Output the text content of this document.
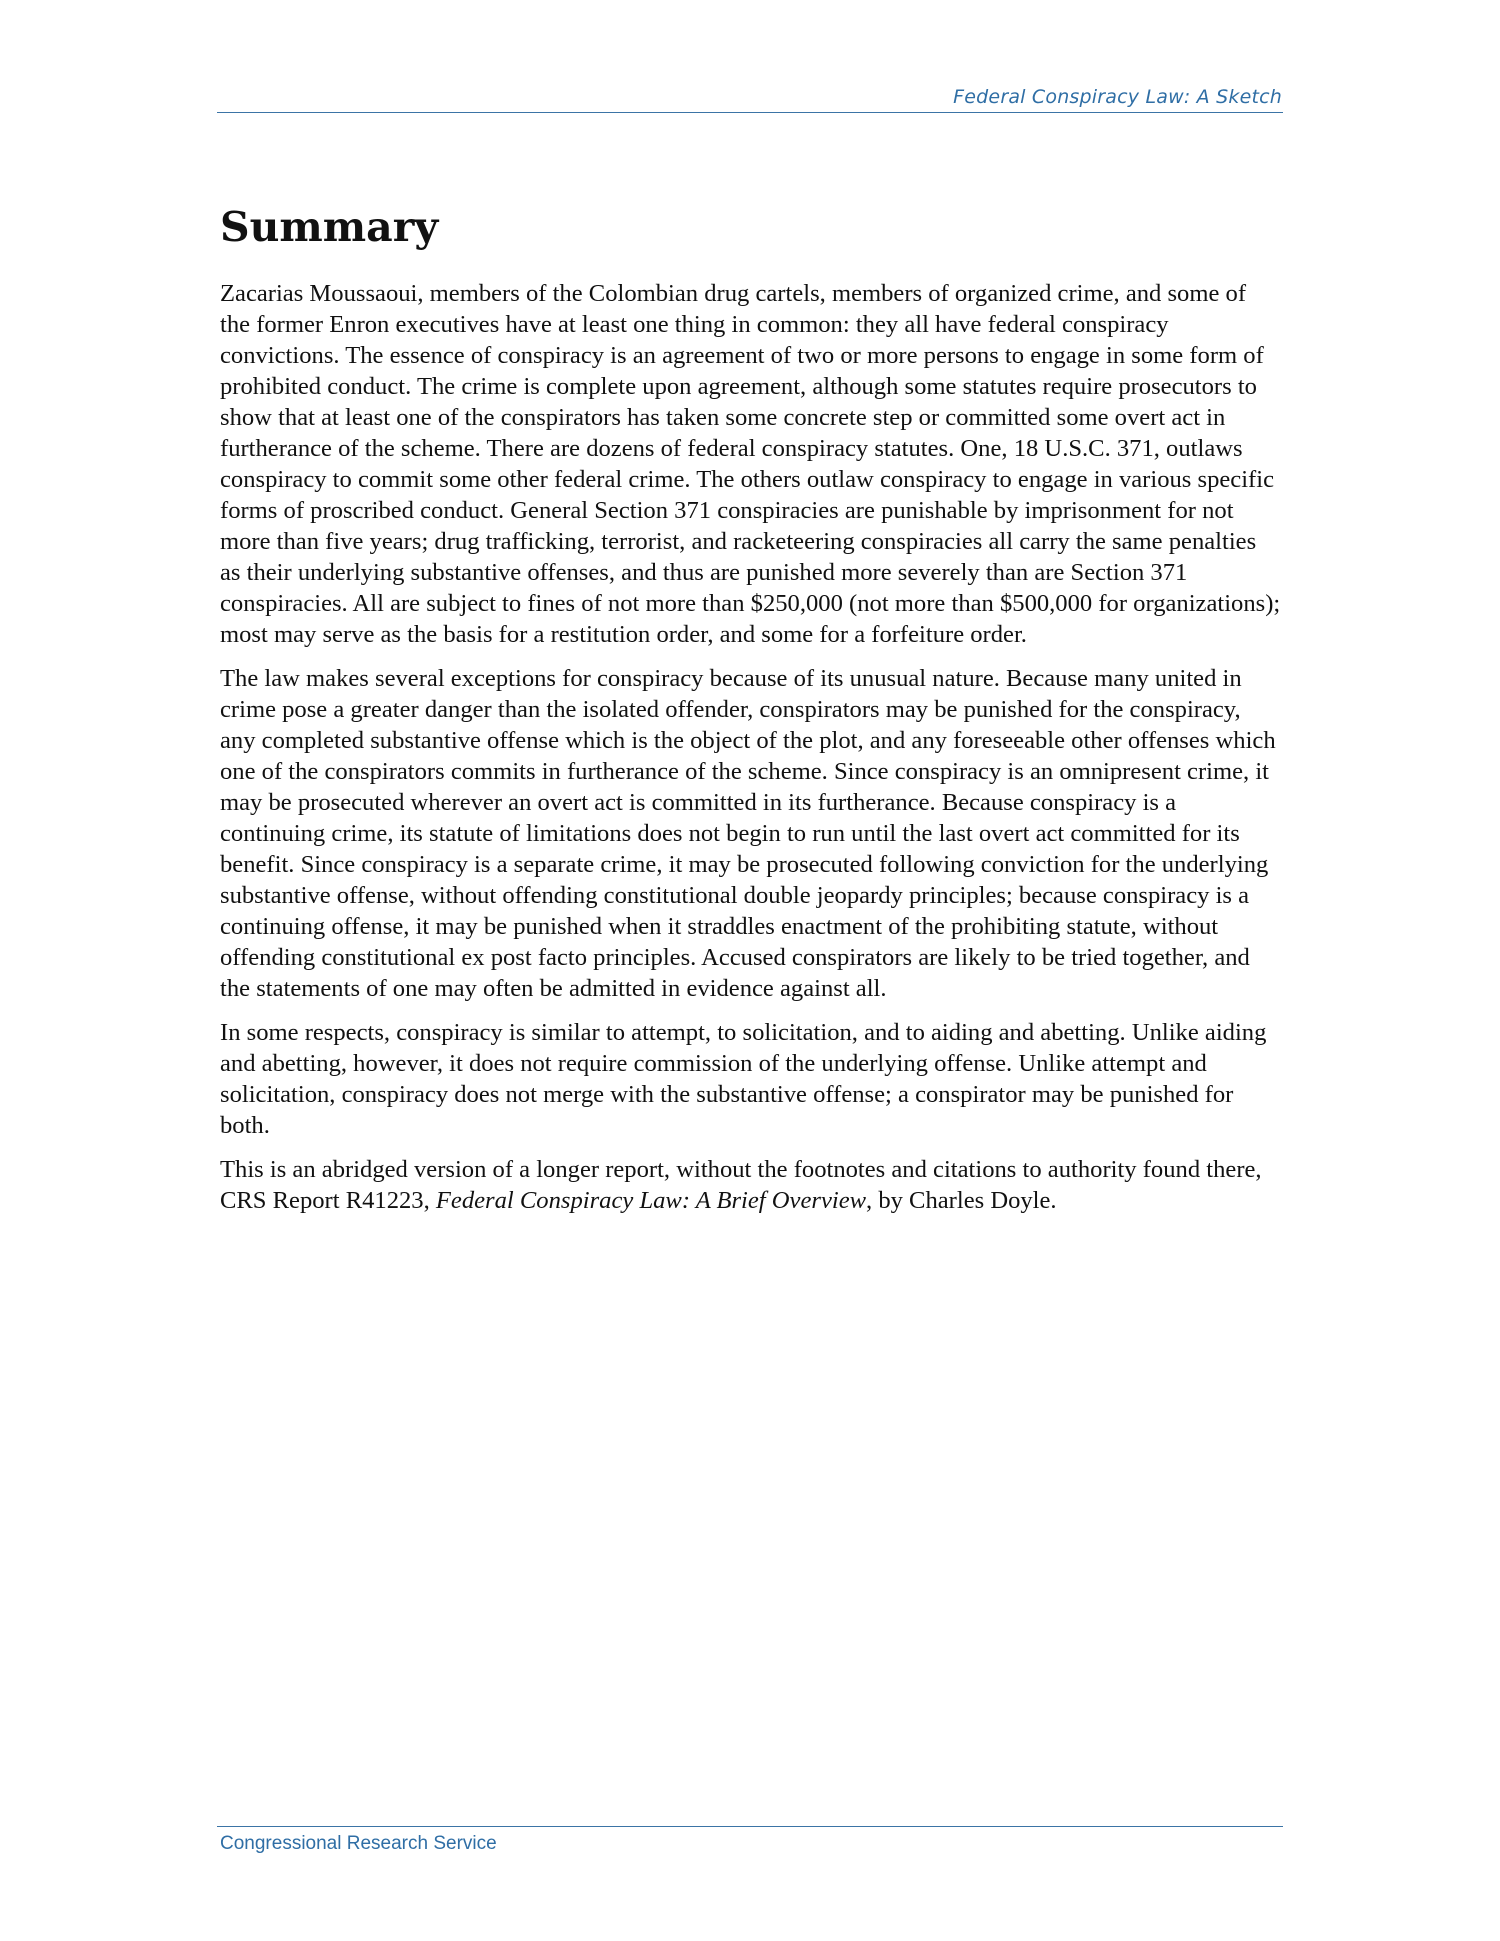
Federal Conspiracy Law: A Sketch
Summary

Zacarias Moussaoui, members of the Colombian drug cartels, members of organized crime, and some of the former Enron executives have at least one thing in common: they all have federal conspiracy convictions. The essence of conspiracy is an agreement of two or more persons to engage in some form of prohibited conduct. The crime is complete upon agreement, although some statutes require prosecutors to show that at least one of the conspirators has taken some concrete step or committed some overt act in furtherance of the scheme. There are dozens of federal conspiracy statutes. One, 18 U.S.C. 371, outlaws conspiracy to commit some other federal crime. The others outlaw conspiracy to engage in various specific forms of proscribed conduct. General Section 371 conspiracies are punishable by imprisonment for not more than five years; drug trafficking, terrorist, and racketeering conspiracies all carry the same penalties as their underlying substantive offenses, and thus are punished more severely than are Section 371 conspiracies. All are subject to fines of not more than $250,000 (not more than $500,000 for organizations); most may serve as the basis for a restitution order, and some for a forfeiture order.

The law makes several exceptions for conspiracy because of its unusual nature. Because many united in crime pose a greater danger than the isolated offender, conspirators may be punished for the conspiracy, any completed substantive offense which is the object of the plot, and any foreseeable other offenses which one of the conspirators commits in furtherance of the scheme. Since conspiracy is an omnipresent crime, it may be prosecuted wherever an overt act is committed in its furtherance. Because conspiracy is a continuing crime, its statute of limitations does not begin to run until the last overt act committed for its benefit. Since conspiracy is a separate crime, it may be prosecuted following conviction for the underlying substantive offense, without offending constitutional double jeopardy principles; because conspiracy is a continuing offense, it may be punished when it straddles enactment of the prohibiting statute, without offending constitutional ex post facto principles. Accused conspirators are likely to be tried together, and the statements of one may often be admitted in evidence against all.

In some respects, conspiracy is similar to attempt, to solicitation, and to aiding and abetting. Unlike aiding and abetting, however, it does not require commission of the underlying offense. Unlike attempt and solicitation, conspiracy does not merge with the substantive offense; a conspirator may be punished for both.

This is an abridged version of a longer report, without the footnotes and citations to authority found there, CRS Report R41223, Federal Conspiracy Law: A Brief Overview, by Charles Doyle.

Congressional Research Service
